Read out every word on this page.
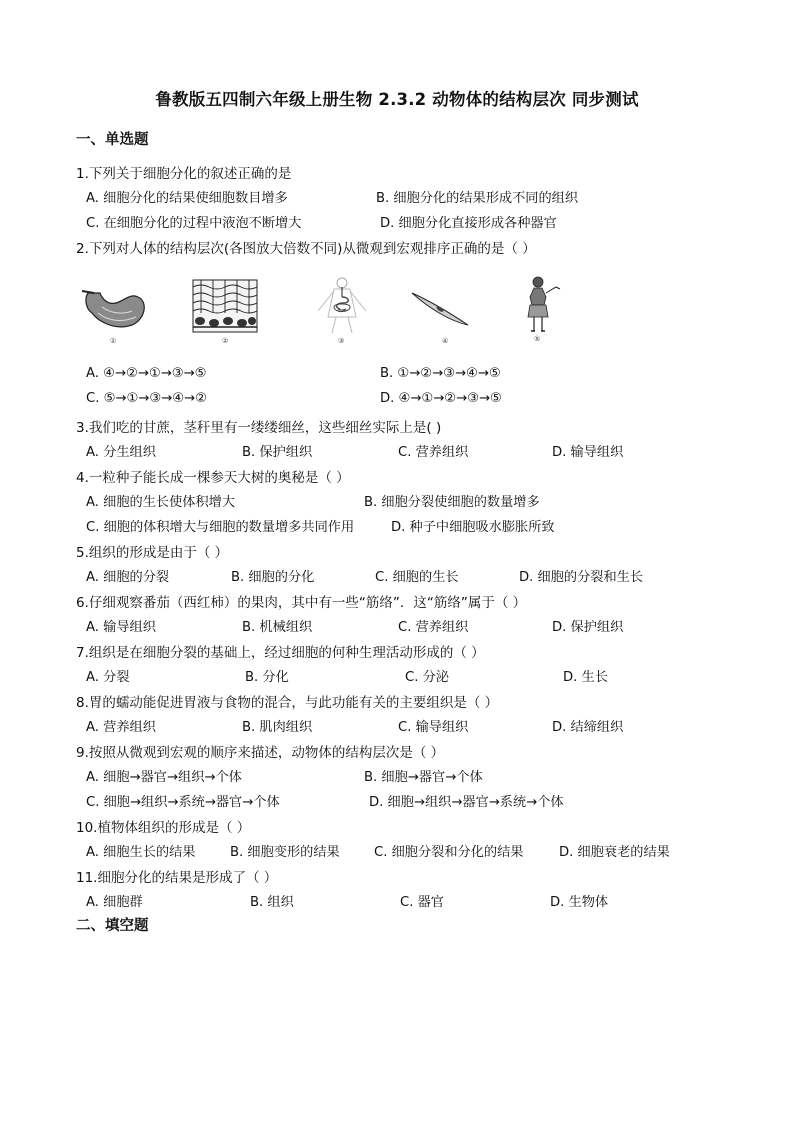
鲁教版五四制六年级上册生物 2.3.2 动物体的结构层次 同步测试
一、单选题
1.下列关于细胞分化的叙述正确的是
A. 细胞分化的结果使细胞数目增多	B. 细胞分化的结果形成不同的组织
C. 在细胞分化的过程中液泡不断增大	D. 细胞分化直接形成各种器官
2.下列对人体的结构层次(各图放大倍数不同)从微观到宏观排序正确的是（ ）
①	②	③	④	⑤
A. ④→②→①→③→⑤	B. ①→②→③→④→⑤
C. ⑤→①→③→④→②	D. ④→①→②→③→⑤
3.我们吃的甘蔗，茎秆里有一缕缕细丝，这些细丝实际上是( )
A. 分生组织	B. 保护组织	C. 营养组织	D. 输导组织
4.一粒种子能长成一棵参天大树的奥秘是（ ）
A. 细胞的生长使体积增大	B. 细胞分裂使细胞的数量增多
C. 细胞的体积增大与细胞的数量增多共同作用	D. 种子中细胞吸水膨胀所致
5.组织的形成是由于（ ）
A. 细胞的分裂	B. 细胞的分化	C. 细胞的生长	D. 细胞的分裂和生长
6.仔细观察番茄（西红柿）的果肉，其中有一些“筋络”．这“筋络”属于（ ）
A. 输导组织	B. 机械组织	C. 营养组织	D. 保护组织
7.组织是在细胞分裂的基础上，经过细胞的何种生理活动形成的（ ）
A. 分裂	B. 分化	C. 分泌	D. 生长
8.胃的蠕动能促进胃液与食物的混合，与此功能有关的主要组织是（ ）
A. 营养组织	B. 肌肉组织	C. 输导组织	D. 结缔组织
9.按照从微观到宏观的顺序来描述，动物体的结构层次是（ ）
A. 细胞→器官→组织→个体	B. 细胞→器官→个体
C. 细胞→组织→系统→器官→个体	D. 细胞→组织→器官→系统→个体
10.植物体组织的形成是（ ）
A. 细胞生长的结果	B. 细胞变形的结果	C. 细胞分裂和分化的结果	D. 细胞衰老的结果
11.细胞分化的结果是形成了（ ）
A. 细胞群	B. 组织	C. 器官	D. 生物体
二、填空题
